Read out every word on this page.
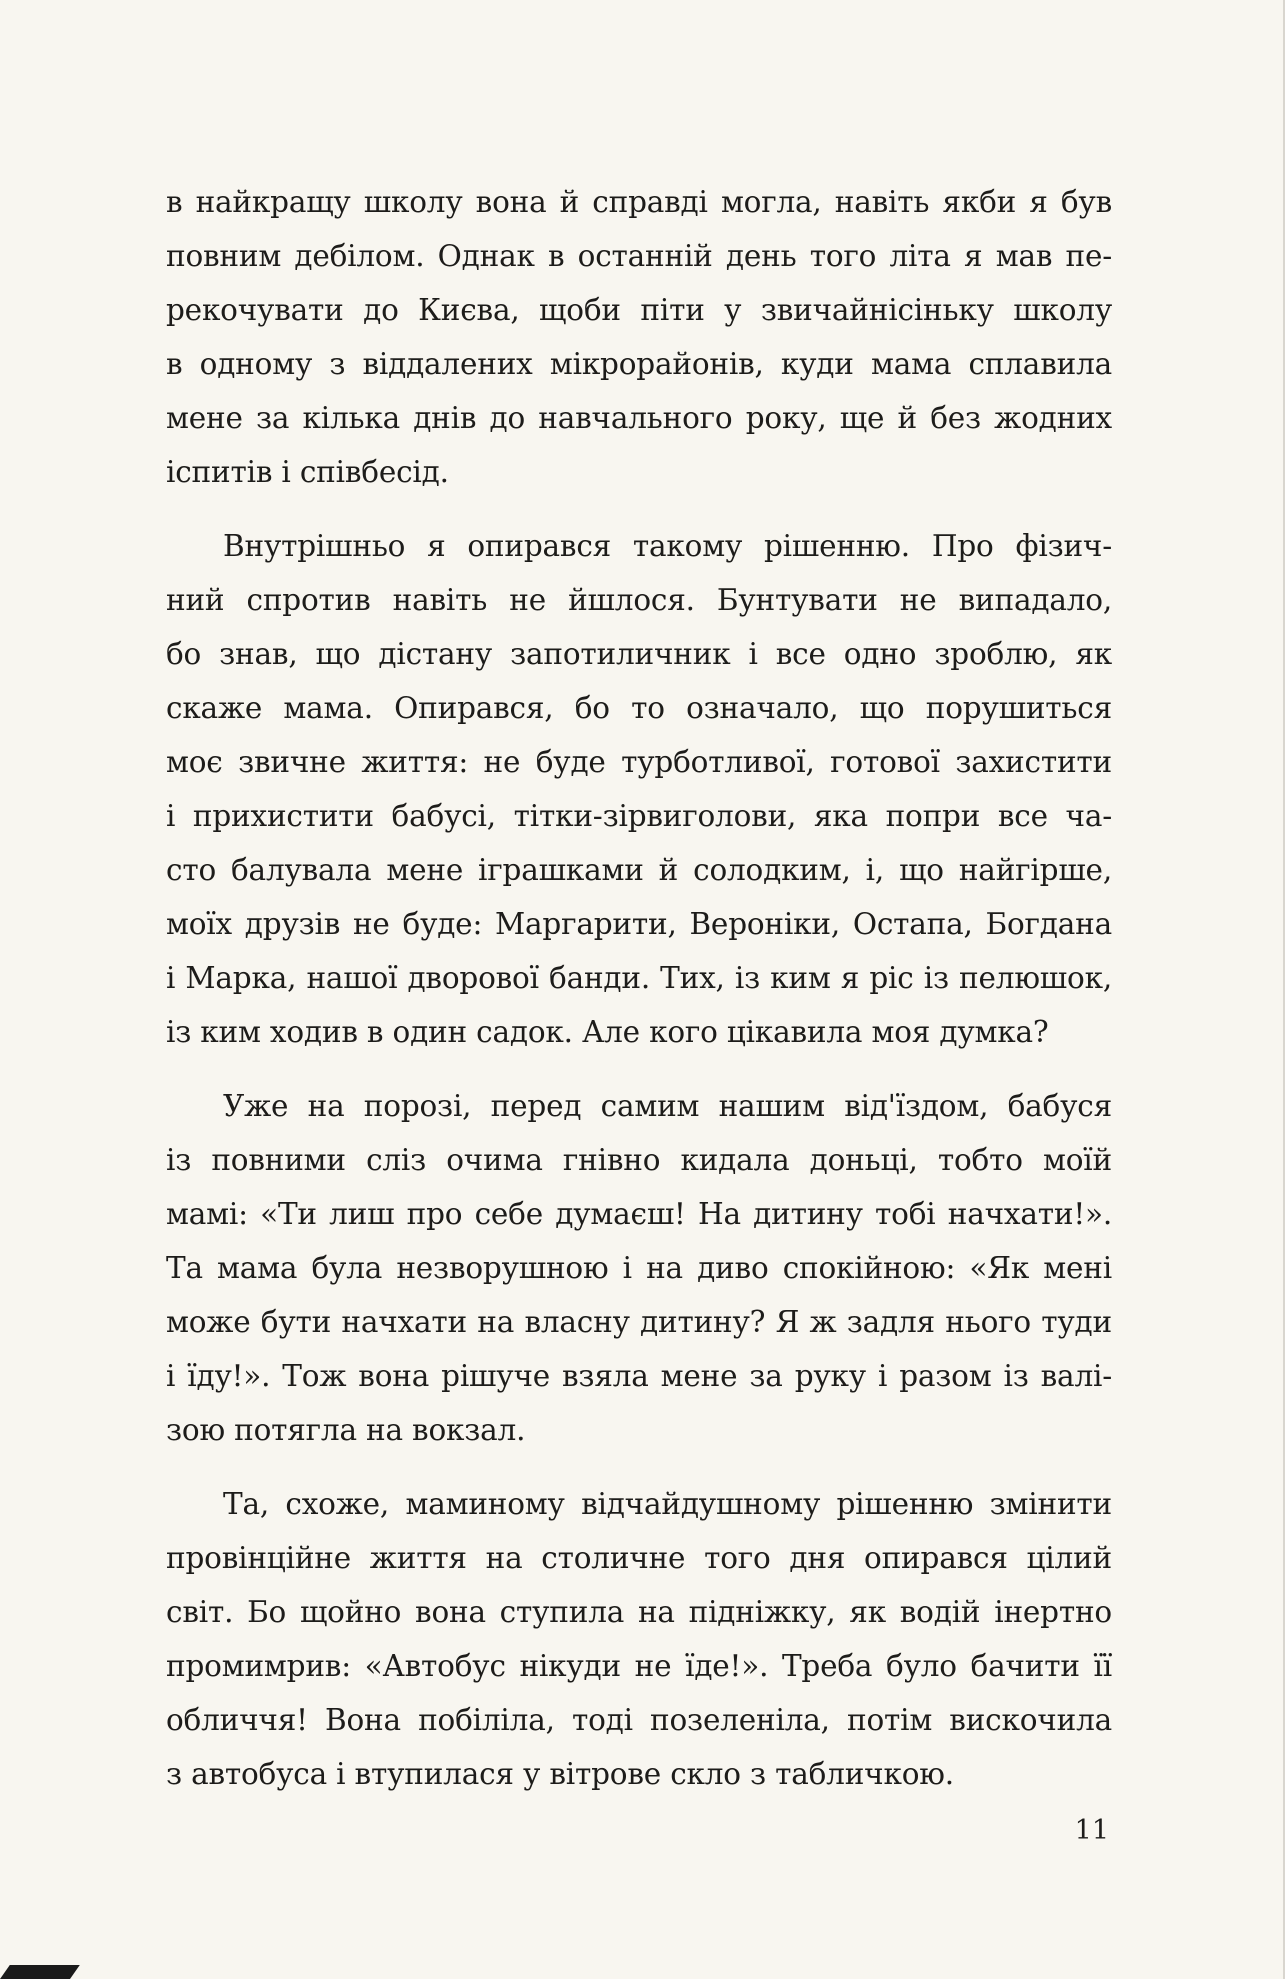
в найкращу школу вона й справді могла, навіть якби я був
повним дебілом. Однак в останній день того літа я мав пе-
рекочувати до Києва, щоби піти у звичайнісіньку школу
в одному з віддалених мікрорайонів, куди мама сплавила
мене за кілька днів до навчального року, ще й без жодних
іспитів і співбесід.

Внутрішньо я опирався такому рішенню. Про фізич-
ний спротив навіть не йшлося. Бунтувати не випадало,
бо знав, що дістану запотиличник і все одно зроблю, як
скаже мама. Опирався, бо то означало, що порушиться
моє звичне життя: не буде турботливої, готової захистити
і прихистити бабусі, тітки-зірвиголови, яка попри все ча-
сто балувала мене іграшками й солодким, і, що найгірше,
моїх друзів не буде: Маргарити, Вероніки, Остапа, Богдана
і Марка, нашої дворової банди. Тих, із ким я ріс із пелюшок,
із ким ходив в один садок. Але кого цікавила моя думка?

Уже на порозі, перед самим нашим від'їздом, бабуся
із повними сліз очима гнівно кидала доньці, тобто моїй
мамі: «Ти лиш про себе думаєш! На дитину тобі начхати!».
Та мама була незворушною і на диво спокійною: «Як мені
може бути начхати на власну дитину? Я ж задля нього туди
і їду!». Тож вона рішуче взяла мене за руку і разом із валі-
зою потягла на вокзал.

Та, схоже, маминому відчайдушному рішенню змінити
провінційне життя на столичне того дня опирався цілий
світ. Бо щойно вона ступила на підніжку, як водій інертно
промимрив: «Автобус нікуди не їде!». Треба було бачити її
обличчя! Вона побіліла, тоді позеленіла, потім вискочила
з автобуса і втупилася у вітрове скло з табличкою.

11
